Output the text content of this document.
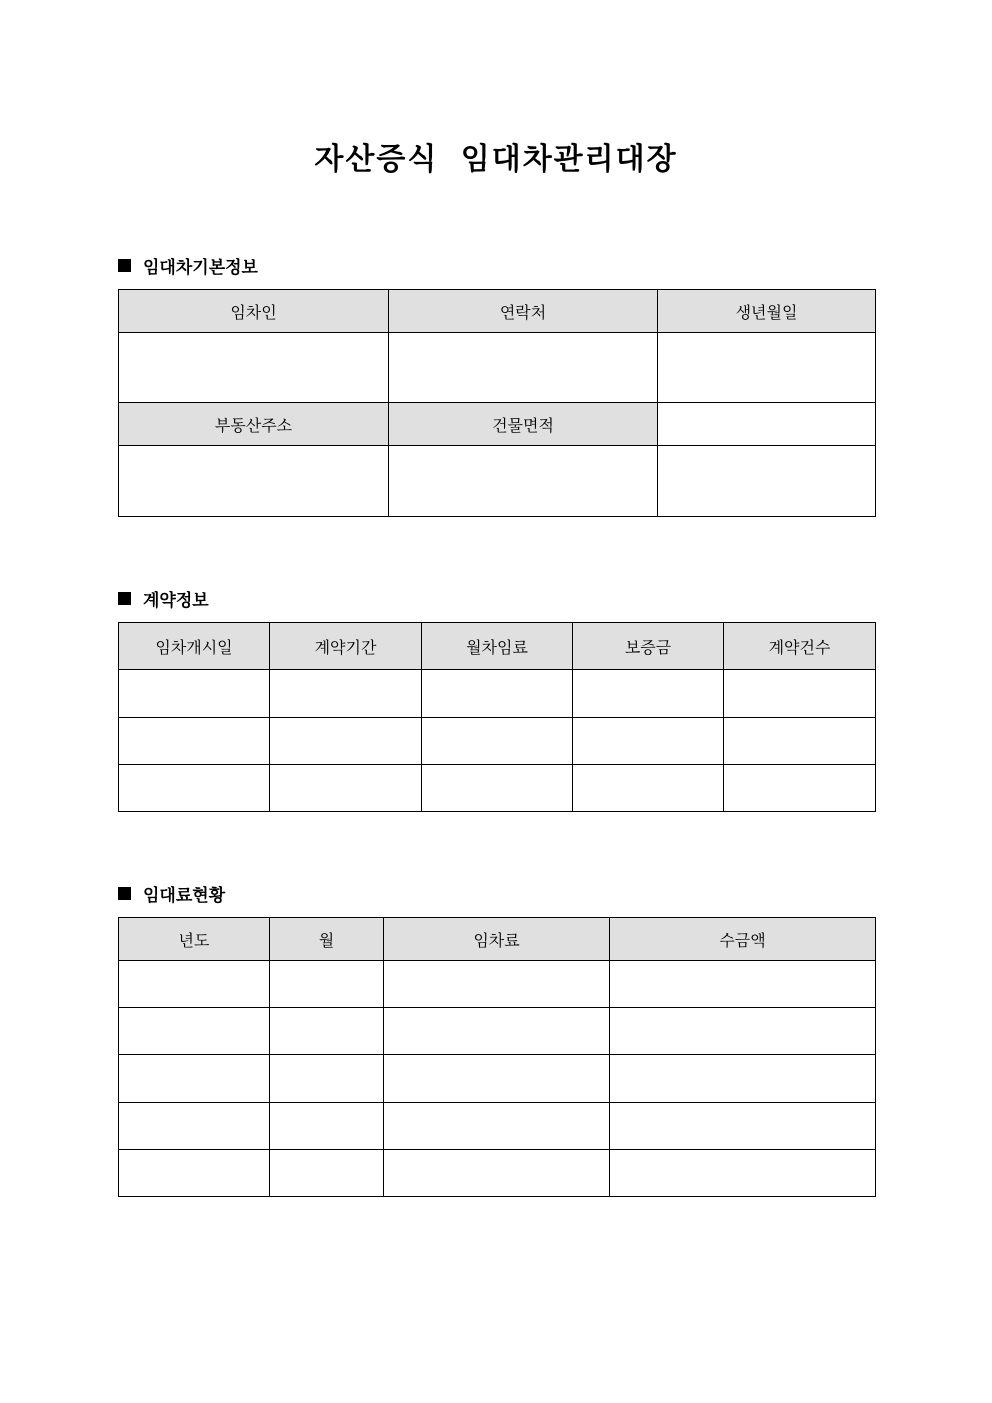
자산증식 임대차관리대장
임대차기본정보
임차인	연락처	생년월일

부동산주소	건물면적	

계약정보
임차개시일	계약기간	월차임료	보증금	계약건수

임대료현황
년도	월	임차료	수금액
